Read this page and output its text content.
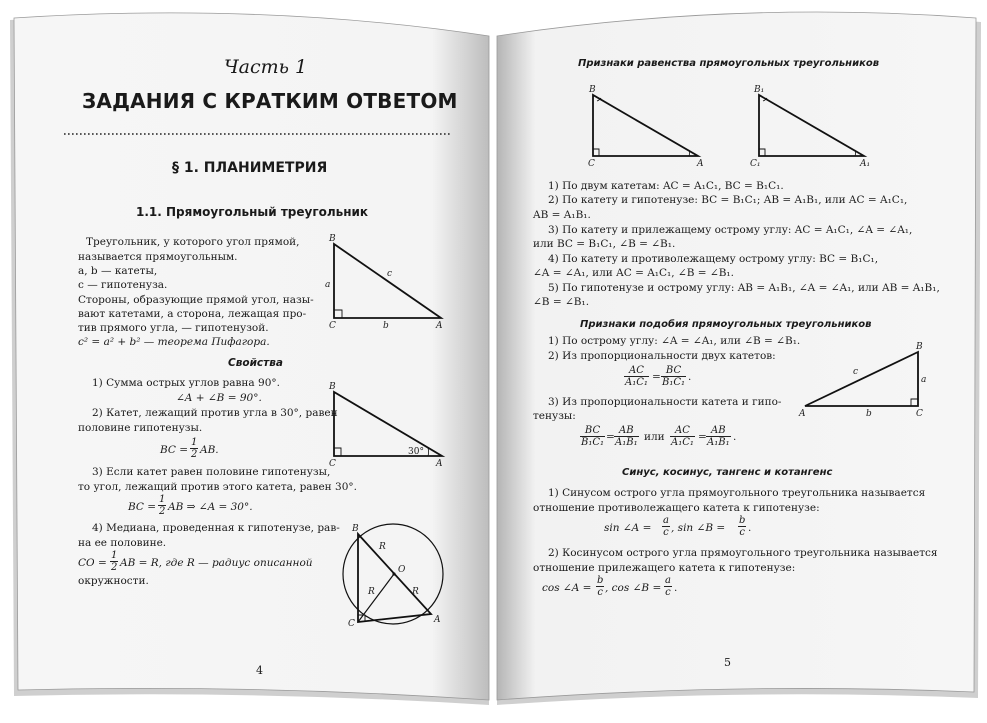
Часть 1
ЗАДАНИЯ С КРАТКИМ ОТВЕТОМ
§ 1. ПЛАНИМЕТРИЯ
1.1. Прямоугольный треугольник
Треугольник, у которого угол прямой,
называется прямоугольным.
a, b — катеты,
c — гипотенуза.
Стороны, образующие прямой угол, назы-
вают катетами, а сторона, лежащая про-
тив прямого угла, — гипотенузой.
c² = a² + b² — теорема Пифагора.
Свойства
1) Сумма острых углов равна 90°.
∠A + ∠B = 90°.
2) Катет, лежащий против угла в 30°, равен
половине гипотенузы.
BC = $\frac{1}{2}$ AB.
3) Если катет равен половине гипотенузы,
то угол, лежащий против этого катета, равен 30°.
BC = $\frac{1}{2}$ AB ⇒ ∠A = 30°.
4) Медиана, проведенная к гипотенузе, рав-
на ее половине.
CO = $\frac{1}{2}$ AB = R, где R — радиус описанной
окружности.
4
B
C	A
a
b
c
B
C	A
30°
B
C	A
O
R
R	R
Признаки равенства прямоугольных треугольников
B
C	A
B₁
C₁	A₁
B
C
A
a
b
c
1) По двум катетам: AC = A₁C₁, BC = B₁C₁.
2) По катету и гипотенузе: BC = B₁C₁; AB = A₁B₁, или AC = A₁C₁,
AB = A₁B₁.
3) По катету и прилежащему острому углу: AC = A₁C₁, ∠A = ∠A₁,
или BC = B₁C₁, ∠B = ∠B₁.
4) По катету и противолежащему острому углу: BC = B₁C₁,
∠A = ∠A₁, или AC = A₁C₁, ∠B = ∠B₁.
5) По гипотенузе и острому углу: AB = A₁B₁, ∠A = ∠A₁, или AB = A₁B₁,
∠B = ∠B₁.
Признаки подобия прямоугольных треугольников
1) По острому углу: ∠A = ∠A₁, или ∠B = ∠B₁.
2) Из пропорциональности двух катетов:
$\frac{AC}{\text{A₁C₁}} = \frac{BC}{\text{B₁C₁}}$ .
3) Из пропорциональности катета и гипо-
тенузы:
$\frac{BC}{\text{B₁C₁}} = \frac{AB}{\text{A₁B₁}}$ или $\frac{AC}{\text{A₁C₁}} = \frac{AB}{\text{A₁B₁}}$ .
Синус, косинус, тангенс и котангенс
1) Синусом острого угла прямоугольного треугольника называется
отношение противолежащего катета к гипотенузе:
sin ∠A = $\frac{a}{c}$ , sin ∠B = $\frac{b}{c}$ .
2) Косинусом острого угла прямоугольного треугольника называется
отношение прилежащего катета к гипотенузе:
cos ∠A = $\frac{b}{c}$ , cos ∠B = $\frac{a}{c}$ .
5
